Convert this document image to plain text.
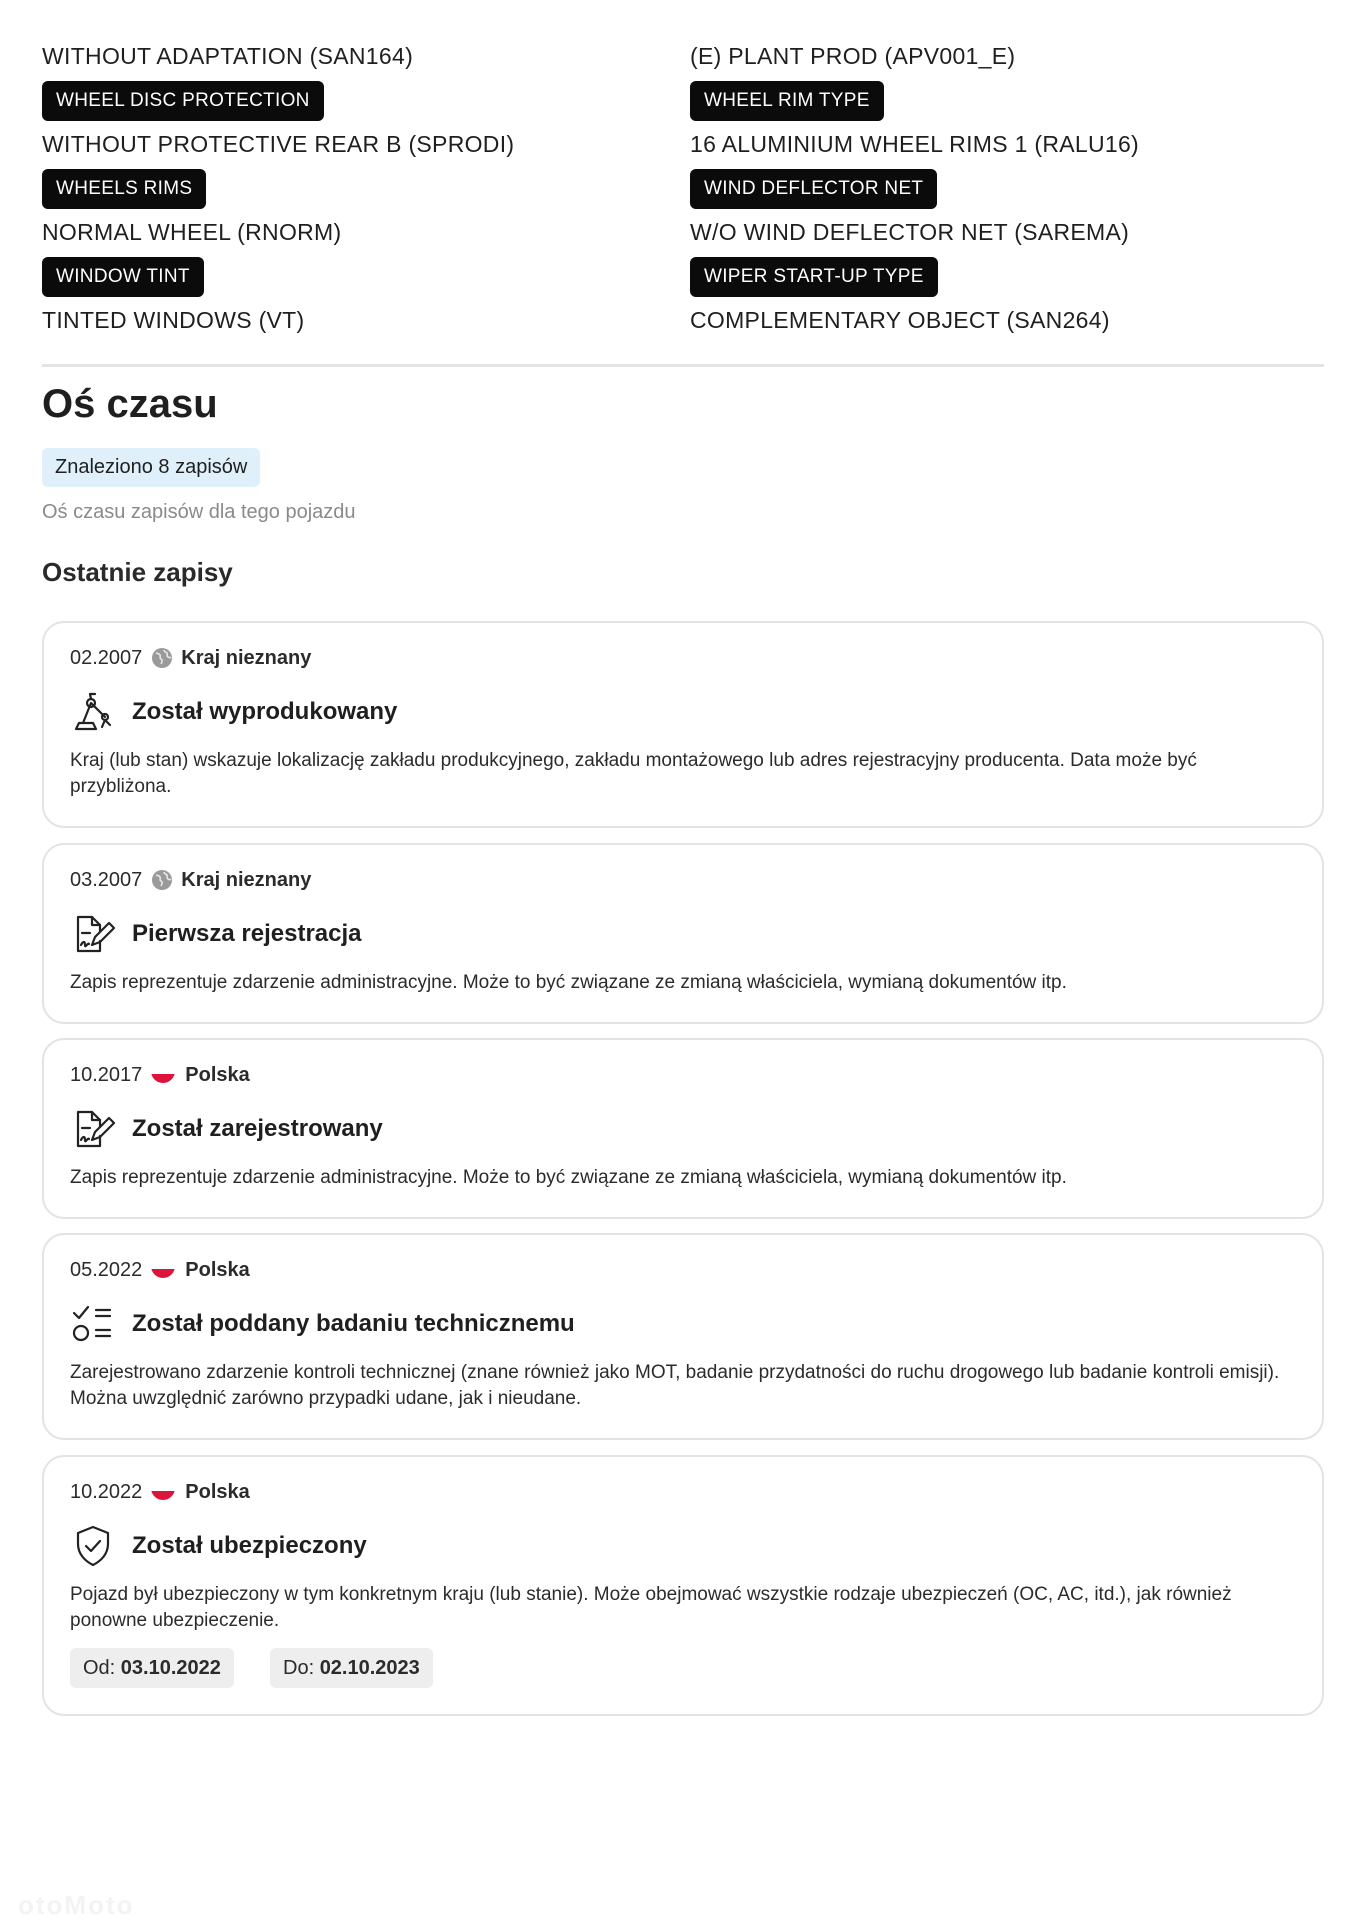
WITHOUT ADAPTATION (SAN164)
WHEEL DISC PROTECTION
WITHOUT PROTECTIVE REAR B (SPRODI)
WHEELS RIMS
NORMAL WHEEL (RNORM)
WINDOW TINT
TINTED WINDOWS (VT)
(E) PLANT PROD (APV001_E)
WHEEL RIM TYPE
16 ALUMINIUM WHEEL RIMS 1 (RALU16)
WIND DEFLECTOR NET
W/O WIND DEFLECTOR NET (SAREMA)
WIPER START-UP TYPE
COMPLEMENTARY OBJECT (SAN264)
Oś czasu
Znaleziono 8 zapisów
Oś czasu zapisów dla tego pojazdu
Ostatnie zapisy
02.2007 Kraj nieznany
Został wyprodukowany
Kraj (lub stan) wskazuje lokalizację zakładu produkcyjnego, zakładu montażowego lub adres rejestracyjny producenta. Data może być przybliżona.
03.2007 Kraj nieznany
Pierwsza rejestracja
Zapis reprezentuje zdarzenie administracyjne. Może to być związane ze zmianą właściciela, wymianą dokumentów itp.
10.2017 Polska
Został zarejestrowany
Zapis reprezentuje zdarzenie administracyjne. Może to być związane ze zmianą właściciela, wymianą dokumentów itp.
05.2022 Polska
Został poddany badaniu technicznemu
Zarejestrowano zdarzenie kontroli technicznej (znane również jako MOT, badanie przydatności do ruchu drogowego lub badanie kontroli emisji). Można uwzględnić zarówno przypadki udane, jak i nieudane.
10.2022 Polska
Został ubezpieczony
Pojazd był ubezpieczony w tym konkretnym kraju (lub stanie). Może obejmować wszystkie rodzaje ubezpieczeń (OC, AC, itd.), jak również ponowne ubezpieczenie.
Od: 03.10.2022	Do: 02.10.2023
otoMoto
